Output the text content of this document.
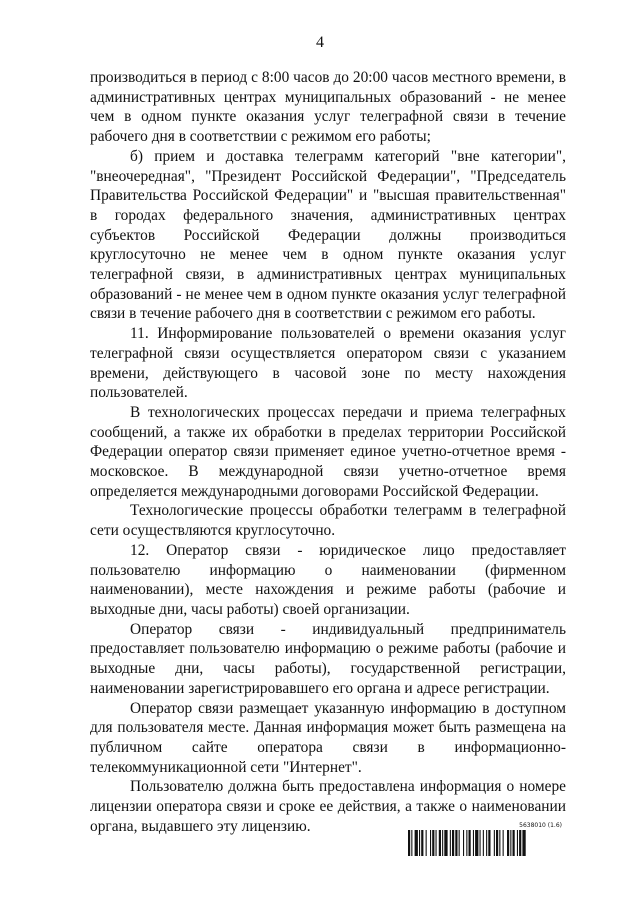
4

производиться в период с 8:00 часов до 20:00 часов местного времени, в административных центрах муниципальных образований - не менее чем в одном пункте оказания услуг телеграфной связи в течение рабочего дня в соответствии с режимом его работы;

б) прием и доставка телеграмм категорий "вне категории", "внеочередная", "Президент Российской Федерации", "Председатель Правительства Российской Федерации" и "высшая правительственная" в городах федерального значения, административных центрах субъектов Российской Федерации должны производиться круглосуточно не менее чем в одном пункте оказания услуг телеграфной связи, в административных центрах муниципальных образований - не менее чем в одном пункте оказания услуг телеграфной связи в течение рабочего дня в соответствии с режимом его работы.

11. Информирование пользователей о времени оказания услуг телеграфной связи осуществляется оператором связи с указанием времени, действующего в часовой зоне по месту нахождения пользователей.

В технологических процессах передачи и приема телеграфных сообщений, а также их обработки в пределах территории Российской Федерации оператор связи применяет единое учетно-отчетное время - московское. В международной связи учетно-отчетное время определяется международными договорами Российской Федерации.

Технологические процессы обработки телеграмм в телеграфной сети осуществляются круглосуточно.

12. Оператор связи - юридическое лицо предоставляет пользователю информацию о наименовании (фирменном наименовании), месте нахождения и режиме работы (рабочие и выходные дни, часы работы) своей организации.

Оператор связи - индивидуальный предприниматель предоставляет пользователю информацию о режиме работы (рабочие и выходные дни, часы работы), государственной регистрации, наименовании зарегистрировавшего его органа и адресе регистрации.

Оператор связи размещает указанную информацию в доступном для пользователя месте. Данная информация может быть размещена на публичном сайте оператора связи в информационно-телекоммуникационной сети "Интернет".

Пользователю должна быть предоставлена информация о номере лицензии оператора связи и сроке ее действия, а также о наименовании органа, выдавшего эту лицензию.	5638010 (1.6)
